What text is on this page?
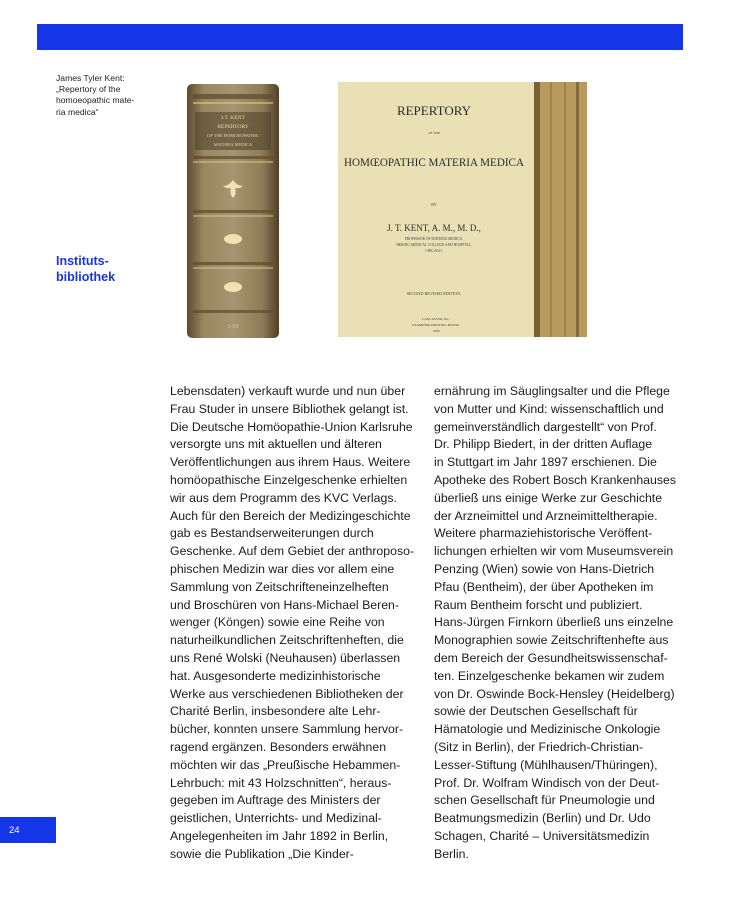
James Tyler Kent:
„Repertory of the
homoeopathic mate-
ria medica“
Instituts-
bibliothek
J.T. KENT
REPERTORY
OF THE HOMOEOPATHIC
MATERIA MEDICA
1-09
REPERTORY
OF THE
HOMŒOPATHIC MATERIA MEDICA
BY
J. T. KENT, A. M., M. D.,
PROFESSOR OF MATERIA MEDICA,
HERING MEDICAL COLLEGE AND HOSPITAL,
CHICAGO.
SECOND REVISED EDITION.
LANCASTER, PA.:
EXAMINER PRINTING HOUSE,
1908
Lebensdaten) verkauft wurde und nun über
Frau Studer in unsere Bibliothek gelangt ist.
Die Deutsche Homöopathie-Union Karlsruhe
versorgte uns mit aktuellen und älteren
Veröffentlichungen aus ihrem Haus. Weitere
homöopathische Einzelgeschenke erhielten
wir aus dem Programm des KVC Verlags.
Auch für den Bereich der Medizingeschichte
gab es Bestandserweiterungen durch
Geschenke. Auf dem Gebiet der anthroposo-
phischen Medizin war dies vor allem eine
Sammlung von Zeitschrifteneinzelheften
und Broschüren von Hans-Michael Beren-
wenger (Köngen) sowie eine Reihe von
naturheilkundlichen Zeitschriftenheften, die
uns René Wolski (Neuhausen) überlassen
hat. Ausgesonderte medizinhistorische
Werke aus verschiedenen Bibliotheken der
Charité Berlin, insbesondere alte Lehr-
bücher, konnten unsere Sammlung hervor-
ragend ergänzen. Besonders erwähnen
möchten wir das „Preußische Hebammen-
Lehrbuch: mit 43 Holzschnitten“, heraus-
gegeben im Auftrage des Ministers der
geistlichen, Unterrichts- und Medizinal-
Angelegenheiten im Jahr 1892 in Berlin,
sowie die Publikation „Die Kinder-
ernährung im Säuglingsalter und die Pflege
von Mutter und Kind: wissenschaftlich und
gemeinverständlich dargestellt“ von Prof.
Dr. Philipp Biedert, in der dritten Auflage
in Stuttgart im Jahr 1897 erschienen. Die
Apotheke des Robert Bosch Krankenhauses
überließ uns einige Werke zur Geschichte
der Arzneimittel und Arzneimitteltherapie.
Weitere pharmaziehistorische Veröffent-
lichungen erhielten wir vom Museumsverein
Penzing (Wien) sowie von Hans-Dietrich
Pfau (Bentheim), der über Apotheken im
Raum Bentheim forscht und publiziert.
Hans-Jürgen Firnkorn überließ uns einzelne
Monographien sowie Zeitschriftenhefte aus
dem Bereich der Gesundheitswissenschaf-
ten. Einzelgeschenke bekamen wir zudem
von Dr. Oswinde Bock-Hensley (Heidelberg)
sowie der Deutschen Gesellschaft für
Hämatologie und Medizinische Onkologie
(Sitz in Berlin), der Friedrich-Christian-
Lesser-Stiftung (Mühlhausen/Thüringen),
Prof. Dr. Wolfram Windisch von der Deut-
schen Gesellschaft für Pneumologie und
Beatmungsmedizin (Berlin) und Dr. Udo
Schagen, Charité – Universitätsmedizin
Berlin.
24
